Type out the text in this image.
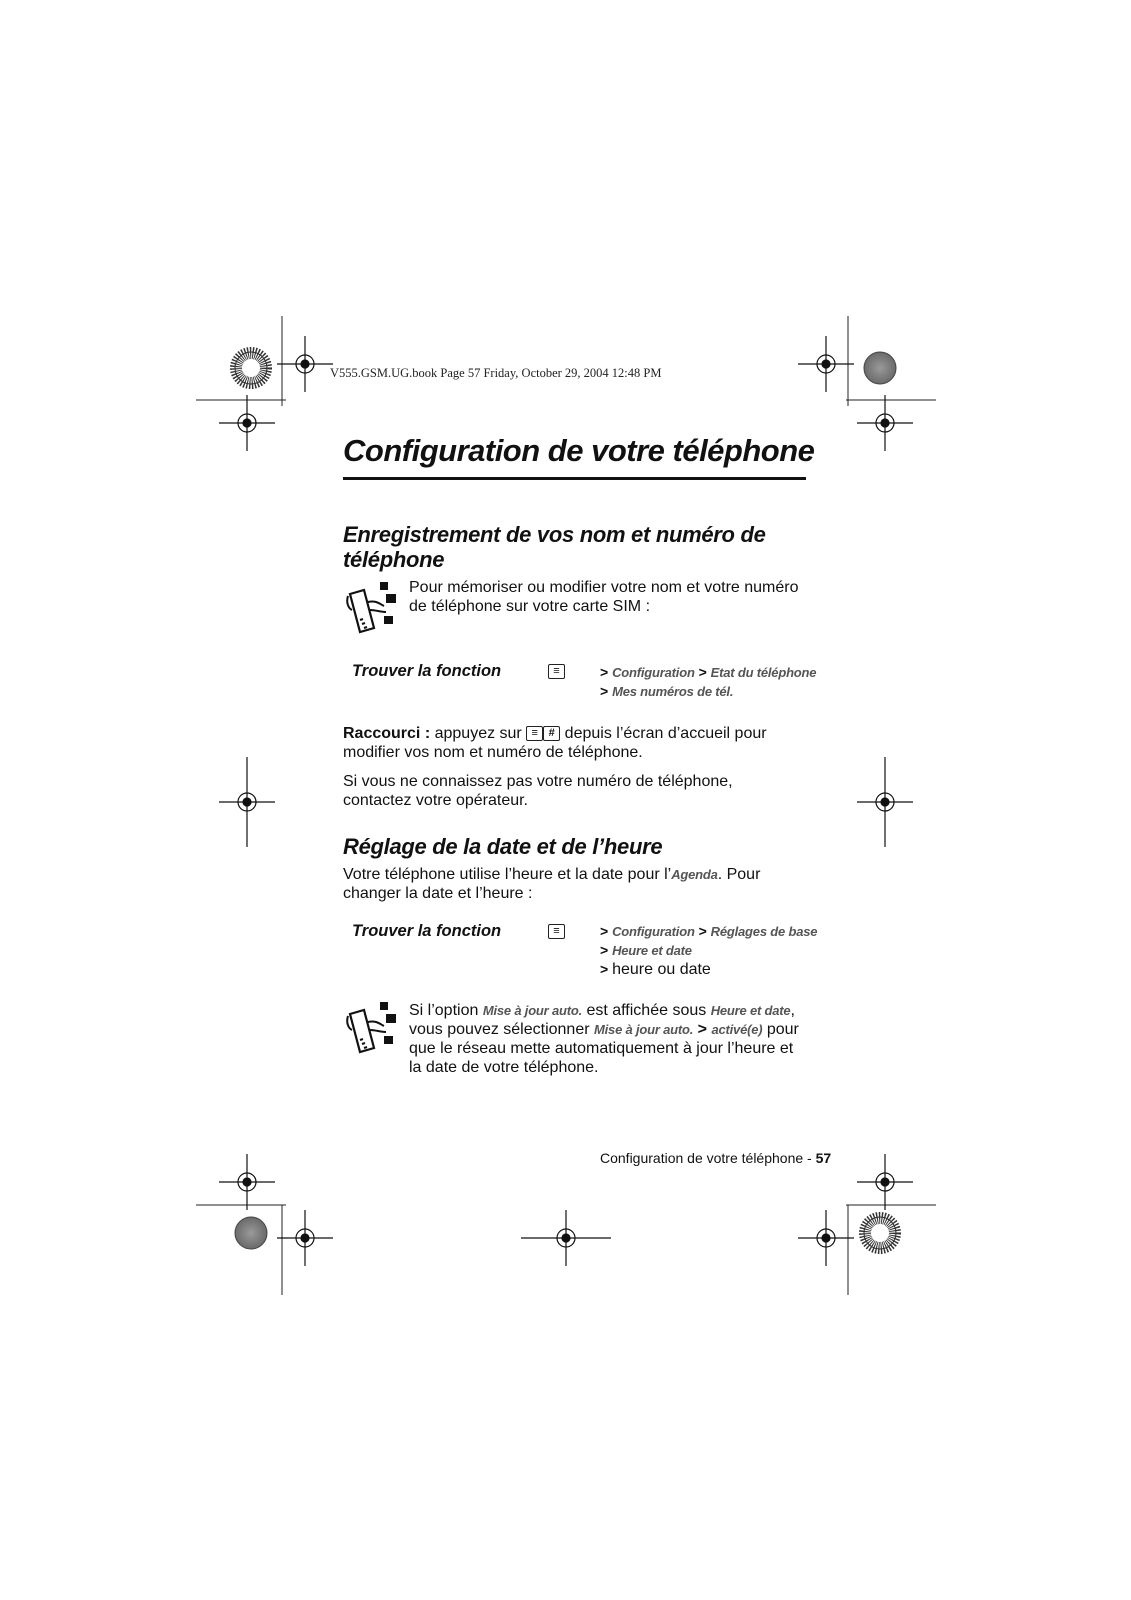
V555.GSM.UG.book Page 57 Friday, October 29, 2004 12:48 PM
Configuration de votre téléphone
Enregistrement de vos nom et numéro de téléphone
Pour mémoriser ou modifier votre nom et votre numéro de téléphone sur votre carte SIM :
Trouver la fonction	≡	> Configuration > Etat du téléphone
> Mes numéros de tél.
Raccourci : appuyez sur ≡ # depuis l’écran d’accueil pour modifier vos nom et numéro de téléphone.
Si vous ne connaissez pas votre numéro de téléphone, contactez votre opérateur.
Réglage de la date et de l’heure
Votre téléphone utilise l’heure et la date pour l’Agenda. Pour changer la date et l’heure :
Trouver la fonction	≡	> Configuration > Réglages de base
> Heure et date
> heure ou date
Si l’option Mise à jour auto. est affichée sous Heure et date, vous pouvez sélectionner Mise à jour auto. > activé(e) pour que le réseau mette automatiquement à jour l’heure et la date de votre téléphone.
Configuration de votre téléphone - 57
